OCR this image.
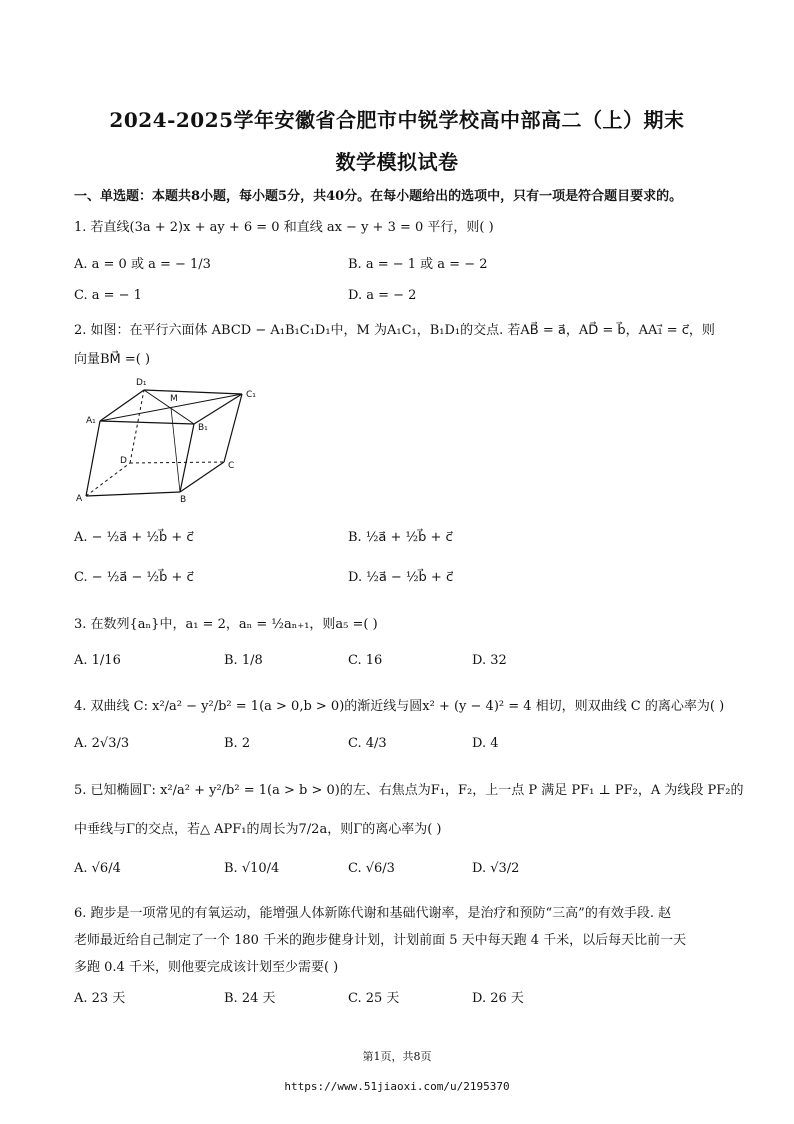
2024-2025学年安徽省合肥市中锐学校高中部高二（上）期末
数学模拟试卷
一、单选题：本题共8小题，每小题5分，共40分。在每小题给出的选项中，只有一项是符合题目要求的。
1. 若直线(3a + 2)x + ay + 6 = 0 和直线 ax − y + 3 = 0 平行，则( )
A. a = 0 或 a = − 1/3	B. a = − 1 或 a = − 2
C. a = − 1	D. a = − 2
2. 如图：在平行六面体 ABCD − A₁B₁C₁D₁中，M 为A₁C₁，B₁D₁的交点. 若AB⃗ = a⃗，AD⃗ = b⃗，AA₁⃗ = c⃗，则
向量BM⃗ =( )
D₁
M	C₁
A₁
B₁
D	C
A	B
A. − ½a⃗ + ½b⃗ + c⃗	B. ½a⃗ + ½b⃗ + c⃗
C. − ½a⃗ − ½b⃗ + c⃗	D. ½a⃗ − ½b⃗ + c⃗
3. 在数列{aₙ}中，a₁ = 2，aₙ = ½aₙ₊₁，则a₅ =( )
A. 1/16	B. 1/8	C. 16	D. 32
4. 双曲线 C: x²/a² − y²/b² = 1(a > 0,b > 0)的渐近线与圆x² + (y − 4)² = 4 相切，则双曲线 C 的离心率为( )
A. 2√3/3	B. 2	C. 4/3	D. 4
5. 已知椭圆Γ: x²/a² + y²/b² = 1(a > b > 0)的左、右焦点为F₁，F₂，上一点 P 满足 PF₁ ⊥ PF₂，A 为线段 PF₂的
中垂线与Γ的交点，若△ APF₁的周长为7/2a，则Γ的离心率为( )
A. √6/4	B. √10/4	C. √6/3	D. √3/2
6. 跑步是一项常见的有氧运动，能增强人体新陈代谢和基础代谢率，是治疗和预防“三高”的有效手段. 赵
老师最近给自己制定了一个 180 千米的跑步健身计划，计划前面 5 天中每天跑 4 千米，以后每天比前一天
多跑 0.4 千米，则他要完成该计划至少需要( )
A. 23 天	B. 24 天	C. 25 天	D. 26 天
第1页，共8页
https://www.51jiaoxi.com/u/2195370
